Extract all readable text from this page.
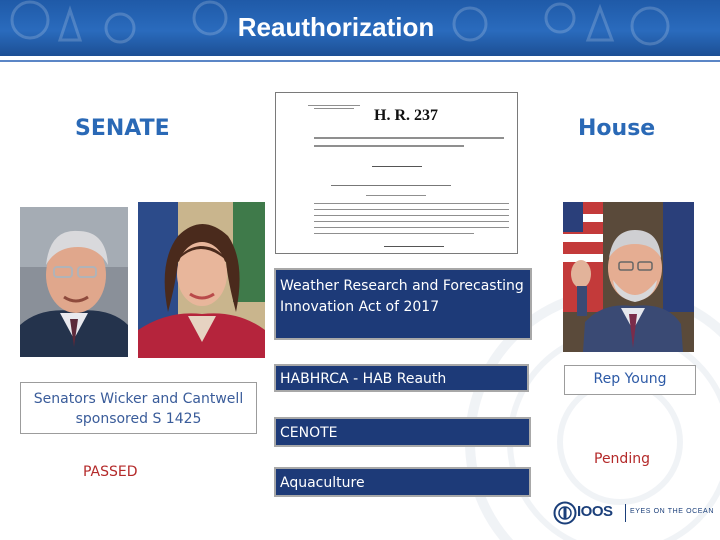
Reauthorization
SENATE	House
H. R. 237
Weather Research and Forecasting Innovation Act of 2017
HABHRCA - HAB Reauth
CENOTE
Aquaculture
Senators Wicker and Cantwell sponsored S 1425
PASSED
Rep Young
Pending
IOOS EYES ON THE OCEAN
